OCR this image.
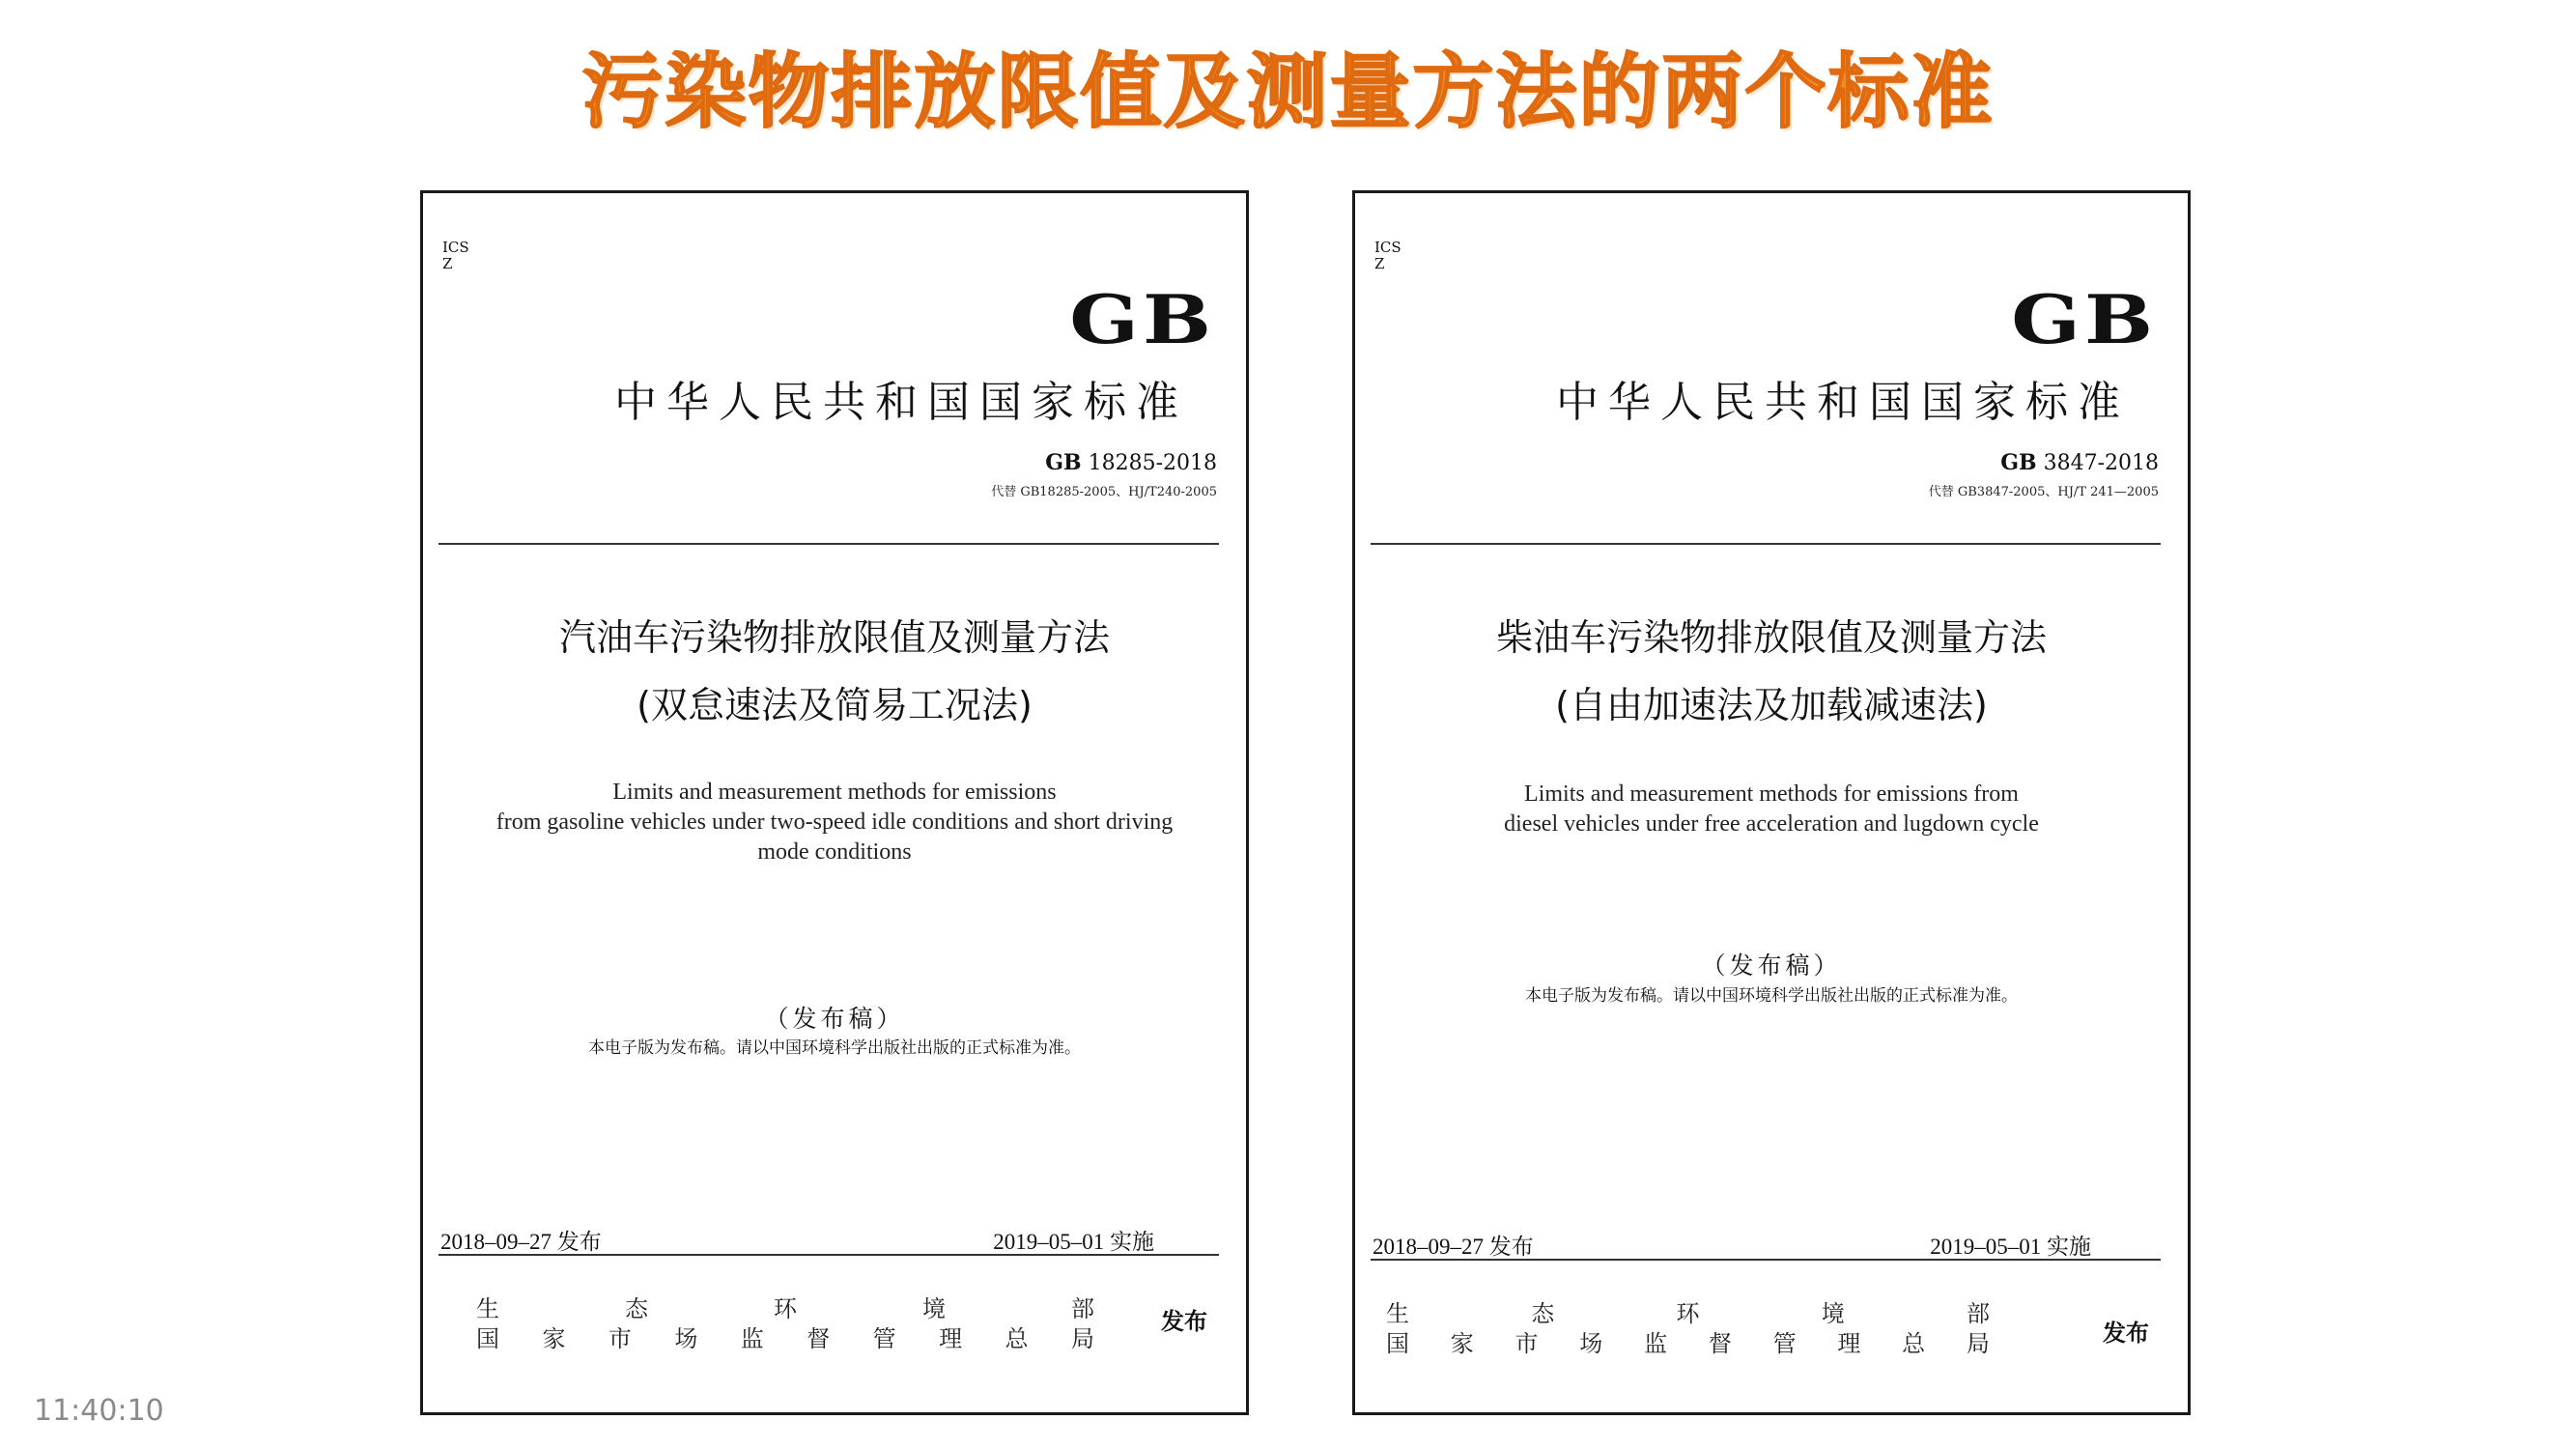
污染物排放限值及测量方法的两个标准
ICS
Z
GB
中华人民共和国国家标准
GB 18285-2018
代替 GB18285-2005、HJ/T240-2005
汽油车污染物排放限值及测量方法
(双怠速法及简易工况法)
Limits and measurement methods for emissions
from gasoline vehicles under two-speed idle conditions and short driving
mode conditions
（发布稿）
本电子版为发布稿。请以中国环境科学出版社出版的正式标准为准。
2018–09–27 发布	2019–05–01 实施
生	态	环	境	部
国 家 市 场 监 督 管 理 总 局
发布
ICS
Z
GB
中华人民共和国国家标准
GB 3847-2018
代替 GB3847-2005、HJ/T 241—2005
柴油车污染物排放限值及测量方法
(自由加速法及加载减速法)
Limits and measurement methods for emissions from
diesel vehicles under free acceleration and lugdown cycle
（发布稿）
本电子版为发布稿。请以中国环境科学出版社出版的正式标准为准。
2018–09–27 发布	2019–05–01 实施
生	态	环	境	部
国 家 市 场 监 督 管 理 总 局	发布
11:40:10
